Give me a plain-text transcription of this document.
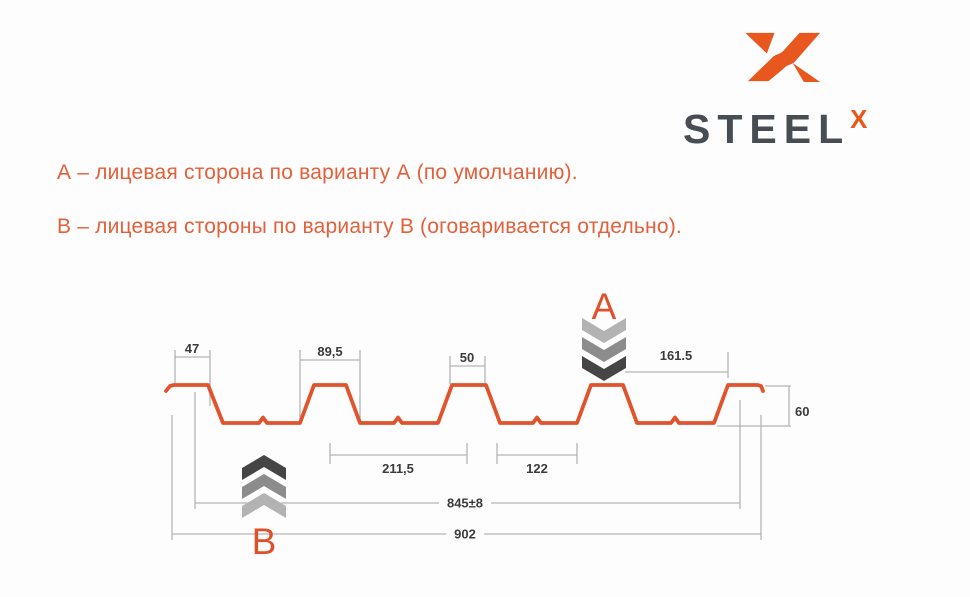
STEELX
А – лицевая сторона по варианту А (по умолчанию).
В – лицевая стороны по варианту В (оговаривается отдельно).
47	89,5	50	161.5
60
211,5	122
845±8
902
A
B
